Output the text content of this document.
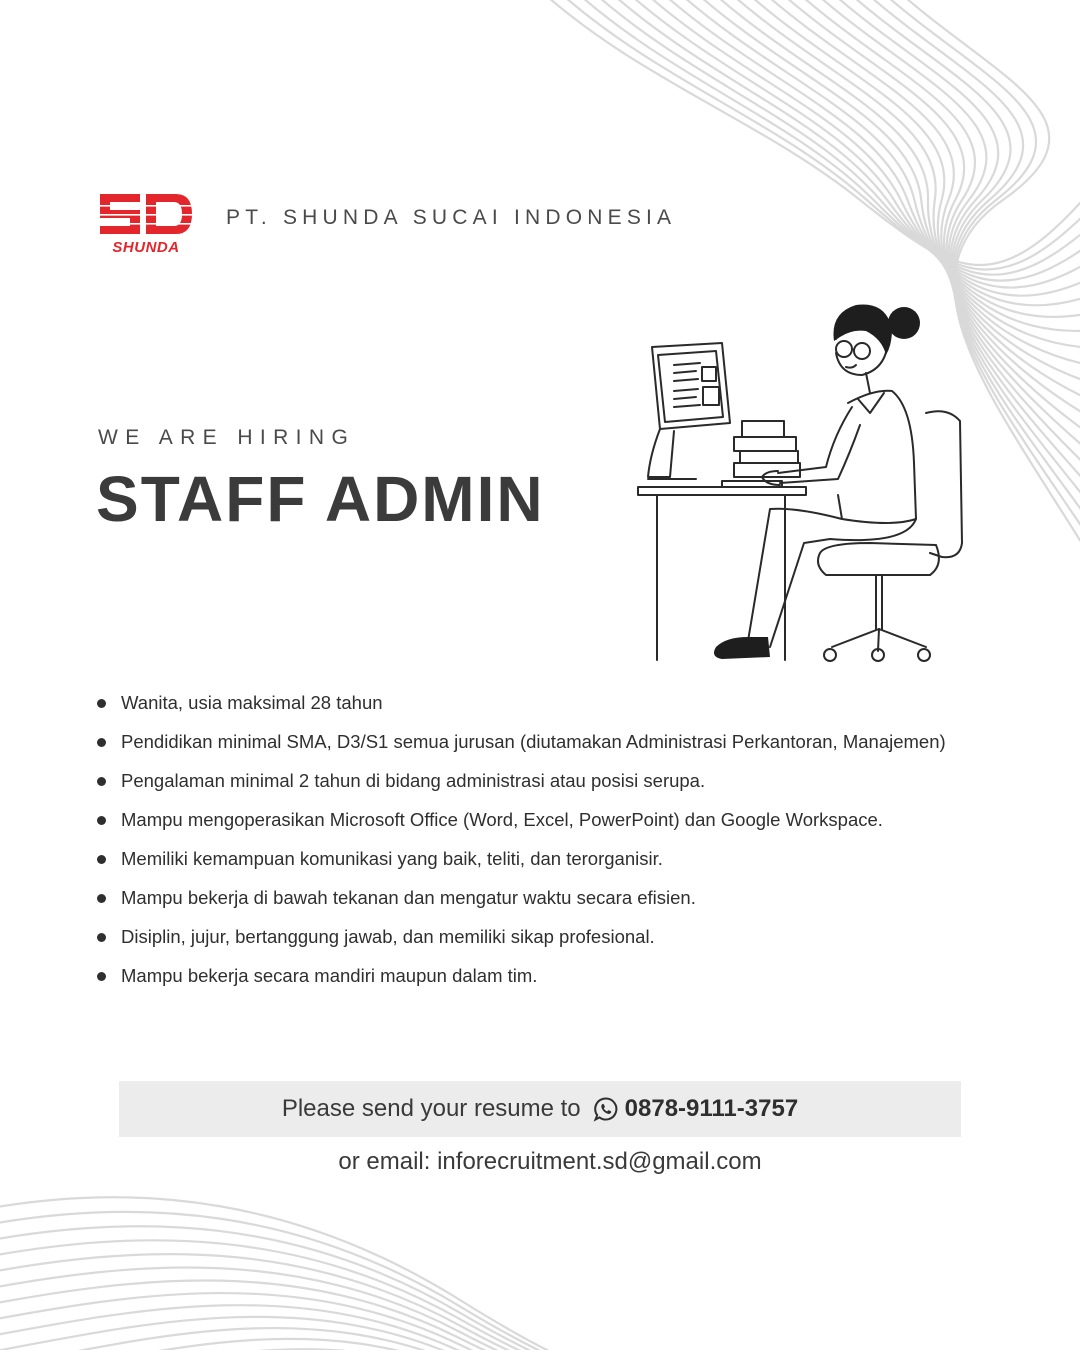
SHUNDA
PT. SHUNDA SUCAI INDONESIA
WE ARE HIRING
STAFF ADMIN
Wanita, usia maksimal 28 tahun
Pendidikan minimal SMA, D3/S1 semua jurusan (diutamakan Administrasi Perkantoran, Manajemen)
Pengalaman minimal 2 tahun di bidang administrasi atau posisi serupa.
Mampu mengoperasikan Microsoft Office (Word, Excel, PowerPoint) dan Google Workspace.
Memiliki kemampuan komunikasi yang baik, teliti, dan terorganisir.
Mampu bekerja di bawah tekanan dan mengatur waktu secara efisien.
Disiplin, jujur, bertanggung jawab, dan memiliki sikap profesional.
Mampu bekerja secara mandiri maupun dalam tim.
Please send your resume to 0878-9111-3757
or email: inforecruitment.sd@gmail.com
